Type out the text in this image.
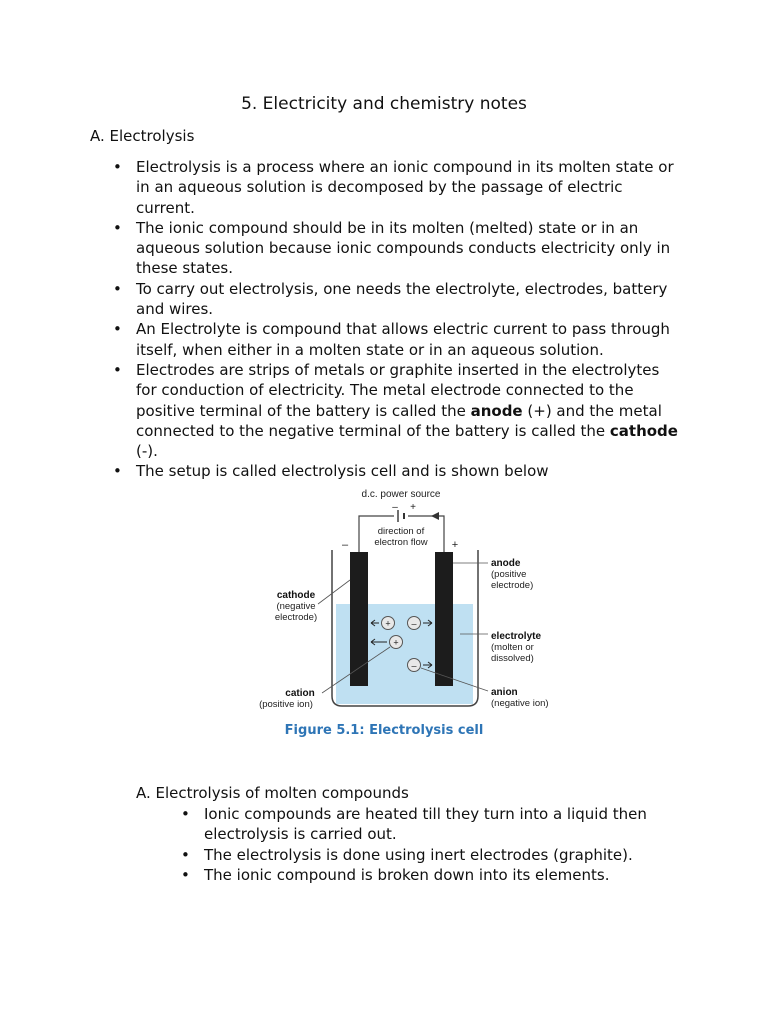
5. Electricity and chemistry notes
A. Electrolysis
• Electrolysis is a process where an ionic compound in its molten state or in an aqueous solution is decomposed by the passage of electric current.
• The ionic compound should be in its molten (melted) state or in an aqueous solution because ionic compounds conducts electricity only in these states.
• To carry out electrolysis, one needs the electrolyte, electrodes, battery and wires.
• An Electrolyte is compound that allows electric current to pass through itself, when either in a molten state or in an aqueous solution.
• Electrodes are strips of metals or graphite inserted in the electrolytes for conduction of electricity. The metal electrode connected to the positive terminal of the battery is called the anode (+) and the metal connected to the negative terminal of the battery is called the cathode (-).
• The setup is called electrolysis cell and is shown below
d.c. power source
– +
direction of
electron flow
–	+
+ –
+
–
anode
(positive
electrode)
electrolyte
(molten or
dissolved)
anion
(negative ion)
cathode
(negative
electrode)
cation
(positive ion)
Figure 5.1: Electrolysis cell
A. Electrolysis of molten compounds
• Ionic compounds are heated till they turn into a liquid then electrolysis is carried out.
• The electrolysis is done using inert electrodes (graphite).
• The ionic compound is broken down into its elements.
